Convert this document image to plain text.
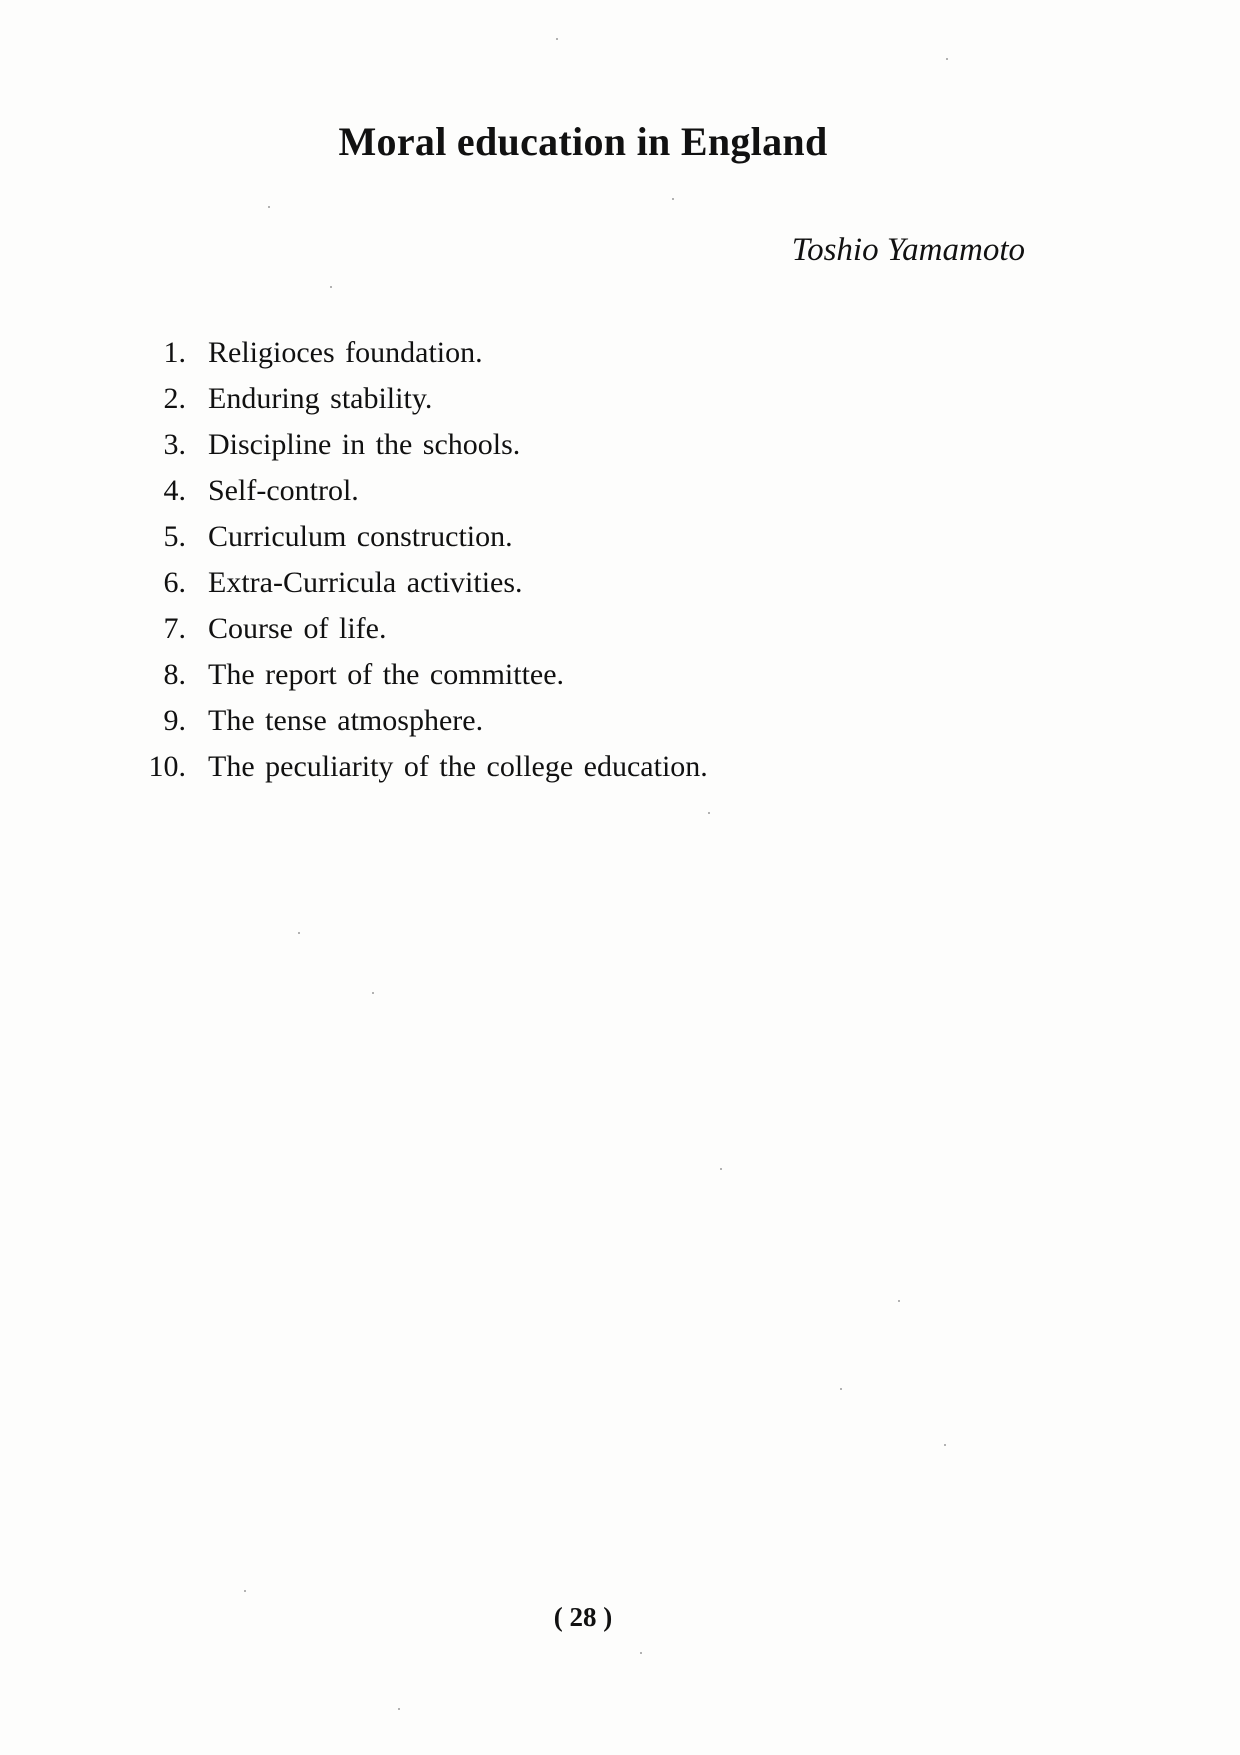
Moral education in England

Toshio Yamamoto

1. Religioces foundation.
2. Enduring stability.
3. Discipline in the schools.
4. Self-control.
5. Curriculum construction.
6. Extra-Curricula activities.
7. Course of life.
8. The report of the committee.
9. The tense atmosphere.
10. The peculiarity of the college education.

( 28 )
